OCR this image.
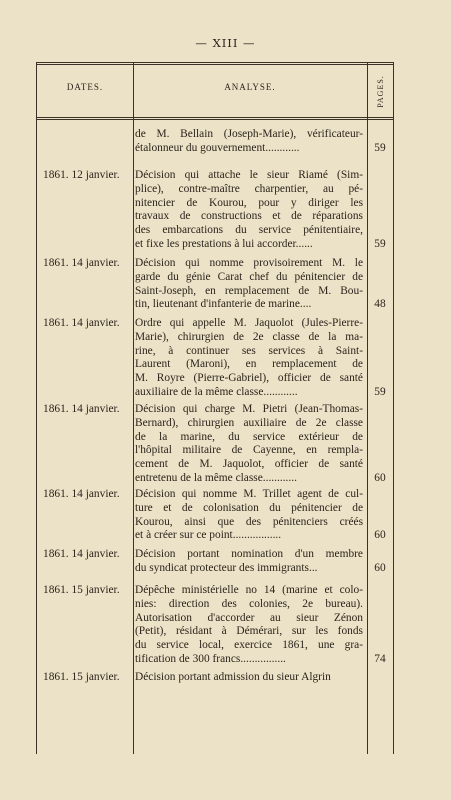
— XIII —
DATES.	ANALYSE.	PAGES.
de M. Bellain (Joseph-Marie), vérificateur-
étalonneur du gouvernement............	59
1861. 12 janvier.	Décision qui attache le sieur Riamé (Sim-
plice), contre-maître charpentier, au pé-
nitencier de Kourou, pour y diriger les
travaux de constructions et de réparations
des embarcations du service pénitentiaire,
et fixe les prestations à lui accorder......	59
1861. 14 janvier.	Décision qui nomme provisoirement M. le
garde du génie Carat chef du pénitencier de
Saint-Joseph, en remplacement de M. Bou-
tin, lieutenant d'infanterie de marine....	48
1861. 14 janvier.	Ordre qui appelle M. Jaquolot (Jules-Pierre-
Marie), chirurgien de 2e classe de la ma-
rine, à continuer ses services à Saint-
Laurent (Maroni), en remplacement de
M. Royre (Pierre-Gabriel), officier de santé
auxiliaire de la même classe............	59
1861. 14 janvier.	Décision qui charge M. Pietri (Jean-Thomas-
Bernard), chirurgien auxiliaire de 2e classe
de la marine, du service extérieur de
l'hôpital militaire de Cayenne, en rempla-
cement de M. Jaquolot, officier de santé
entretenu de la même classe............	60
1861. 14 janvier.	Décision qui nomme M. Trillet agent de cul-
ture et de colonisation du pénitencier de
Kourou, ainsi que des pénitenciers créés
et à créer sur ce point.................	60
1861. 14 janvier.	Décision portant nomination d'un membre
du syndicat protecteur des immigrants...	60
1861. 15 janvier.	Dépêche ministérielle no 14 (marine et colo-
nies: direction des colonies, 2e bureau).
Autorisation d'accorder au sieur Zénon
(Petit), résidant à Démérari, sur les fonds
du service local, exercice 1861, une gra-
tification de 300 francs................	74
1861. 15 janvier.	Décision portant admission du sieur Algrin
